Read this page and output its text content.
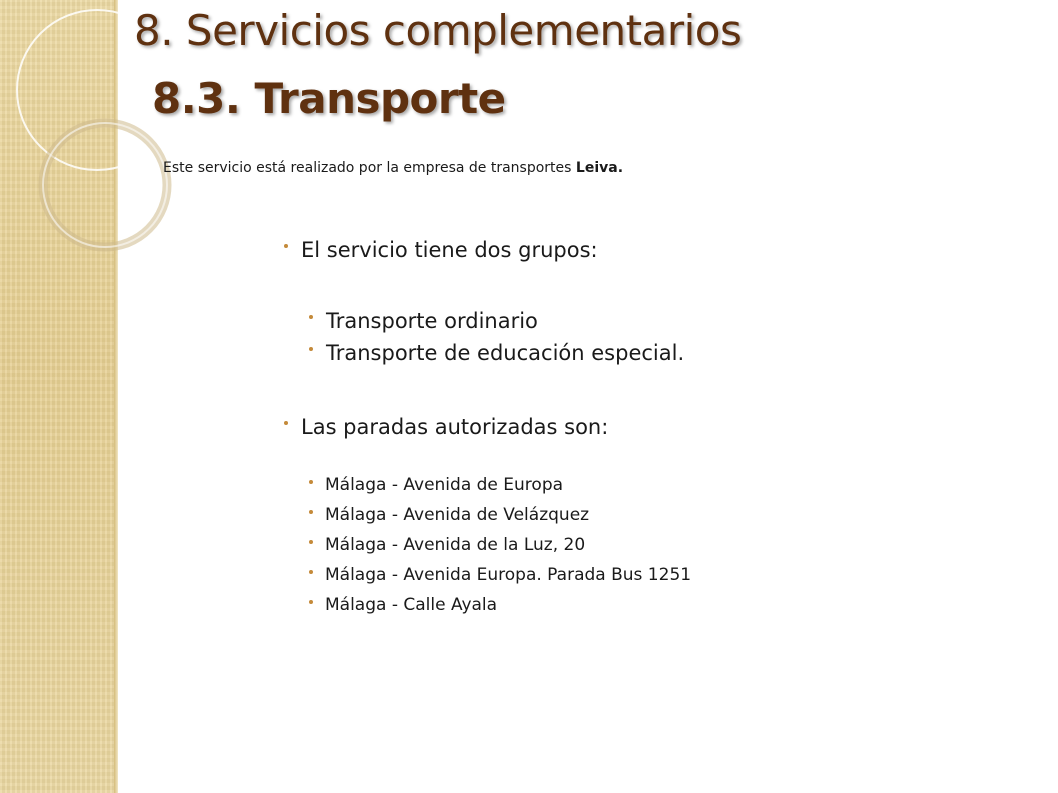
8. Servicios complementarios
8.3. Transporte
Este servicio está realizado por la empresa de transportes Leiva.
El servicio tiene dos grupos:
Transporte ordinario
Transporte de educación especial.
Las paradas autorizadas son:
Málaga - Avenida de Europa
Málaga - Avenida de Velázquez
Málaga - Avenida de la Luz, 20
Málaga - Avenida Europa. Parada Bus 1251
Málaga - Calle Ayala
